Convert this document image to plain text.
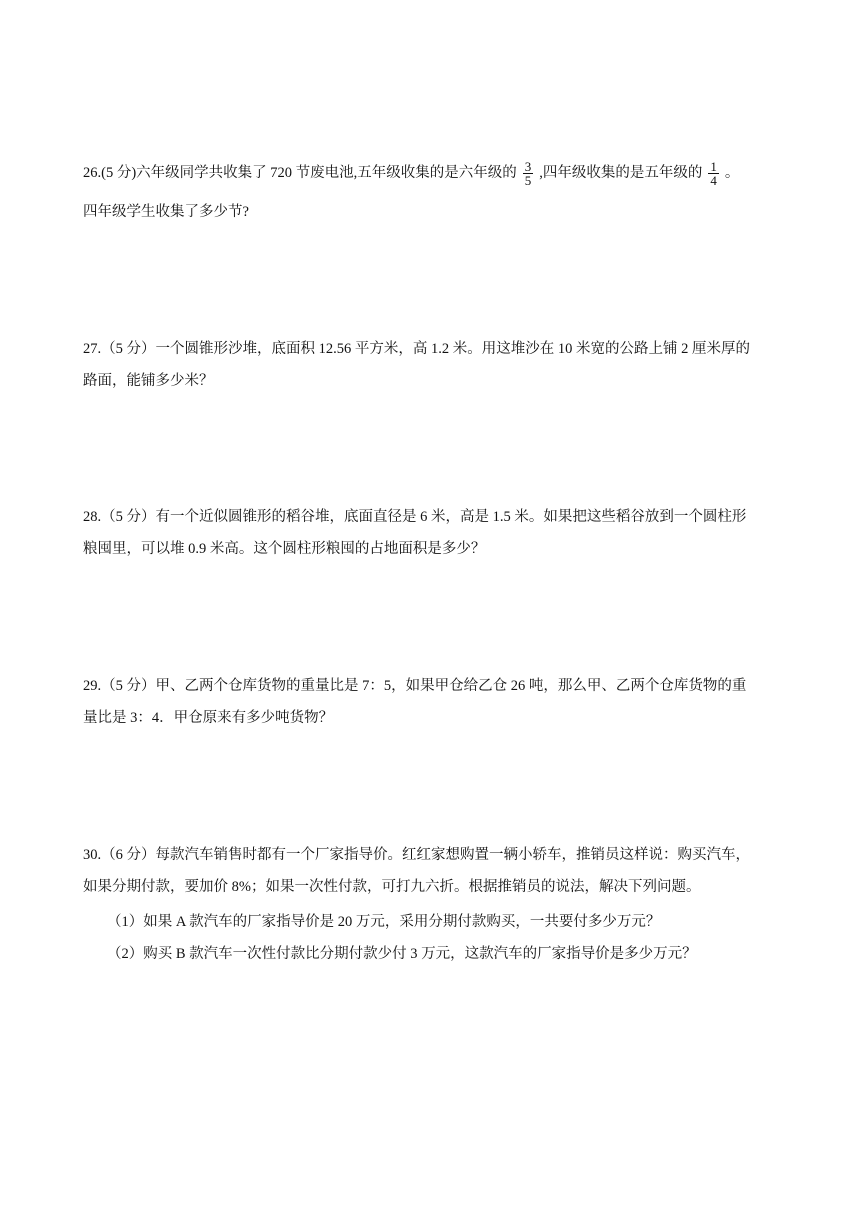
26.(5 分)六年级同学共收集了 720 节废电池,五年级收集的是六年级的 $\frac{3}{5}$ ,四年级收集的是五年级的 $\frac{1}{4}$ 。
四年级学生收集了多少节?
27.（5 分）一个圆锥形沙堆，底面积 12.56 平方米，高 1.2 米。用这堆沙在 10 米宽的公路上铺 2 厘米厚的
路面，能铺多少米？
28.（5 分）有一个近似圆锥形的稻谷堆，底面直径是 6 米，高是 1.5 米。如果把这些稻谷放到一个圆柱形
粮囤里，可以堆 0.9 米高。这个圆柱形粮囤的占地面积是多少？
29.（5 分）甲、乙两个仓库货物的重量比是 7：5，如果甲仓给乙仓 26 吨，那么甲、乙两个仓库货物的重
量比是 3：4．甲仓原来有多少吨货物？
30.（6 分）每款汽车销售时都有一个厂家指导价。红红家想购置一辆小轿车，推销员这样说：购买汽车，
如果分期付款，要加价 8%；如果一次性付款，可打九六折。根据推销员的说法，解决下列问题。
（1）如果 A 款汽车的厂家指导价是 20 万元，采用分期付款购买，一共要付多少万元？
（2）购买 B 款汽车一次性付款比分期付款少付 3 万元，这款汽车的厂家指导价是多少万元？
